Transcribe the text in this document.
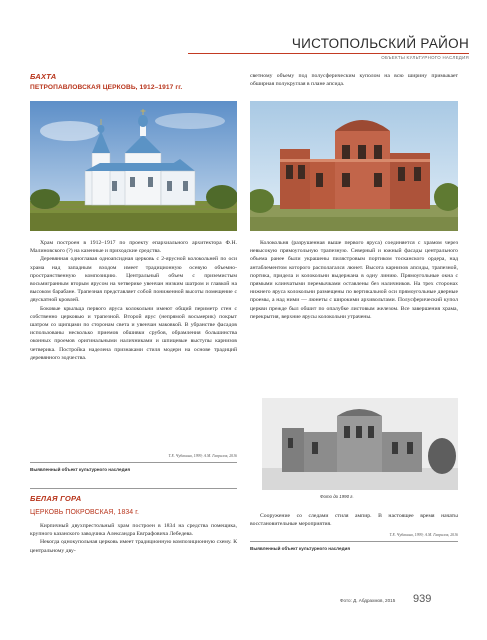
ЧИСТОПОЛЬСКИЙ РАЙОН
ОБЪЕКТЫ КУЛЬТУРНОГО НАСЛЕДИЯ
БАХТА
ПЕТРОПАВЛОВСКАЯ ЦЕРКОВЬ, 1912–1917 гг.

Храм построен в 1912–1917 по проекту епархиального архитектора Ф.Н. Малиновского (?) на казенные и приходские средства.

Деревянная одноглавая одноапсидная церковь с 2-ярусной колокольней по оси храма над западным входом имеет традиционную осевую объемно-пространственную композицию. Центральный объем с приземистым восьмигранным вторым ярусом на четверике увенчан низким шатром и главкой на высоком барабане. Трапезная представляет собой пониженной высоты помещение с двускатной кровлей.

Боковые крыльца первого яруса колокольни имеют общий периметр стен с собственно церковью и трапезной. Второй ярус (непрямой восьмерик) покрыт шатром со щипцами по сторонам света и увенчан маковкой. В убранстве фасадов использованы несколько приемов обшивки срубов, обрамления большинства оконных проемов оригинальными наличниками и шпицевые выступы карнизов четверика. Постройка наделена признаками стиля модерн на основе традиций деревянного зодчества.

Т.Е. Чубакина, 1999; А.М. Гаврилов, 2016
Выявленный объект культурного наследия
БЕЛАЯ ГОРА
ЦЕРКОВЬ ПОКРОВСКАЯ, 1834 г.

Кирпичный двухпрестольный храм построен в 1834 на средства помещика, крупного казанского заводчика Александра Евграфовича Лебедева.

Некогда однокупольная церковь имеет традиционную композиционную схему. К центральному дву-

светному объему под полусферическим куполом на всю ширину примыкает обширная полукруглая в плане апсида.

Колокольня (разрушенная выше первого яруса) соединяется с храмом через невысокую прямоугольную трапезную. Северный и южный фасады центрального объема ранее были украшены пилястровым портиком тосканского ордера, над антаблементом которого располагался люнет. Высота карнизов апсиды, трапезной, портика, придела и колокольни выдержана в одну линию. Прямоугольные окна с прямыми клинчатыми перемычками оставлены без наличников. На трех сторонах нижнего яруса колокольни размещены по вертикальной оси прямоугольные дверные проемы, а над ними — люнеты с широкими архивольтами. Полусферический купол церкви прежде был обшит по опалубке листовым железом. Все завершения храма, перекрытия, верхние ярусы колокольни утрачены.

Фото до 1990 г.

Сооружение со следами стиля ампир. В настоящее время начаты восстановительные мероприятия.

Т.Е. Чубакина, 1999; А.М. Гаврилов, 2016
Выявленный объект культурного наследия
Фото: Д. Абдрахмов, 2015 939
